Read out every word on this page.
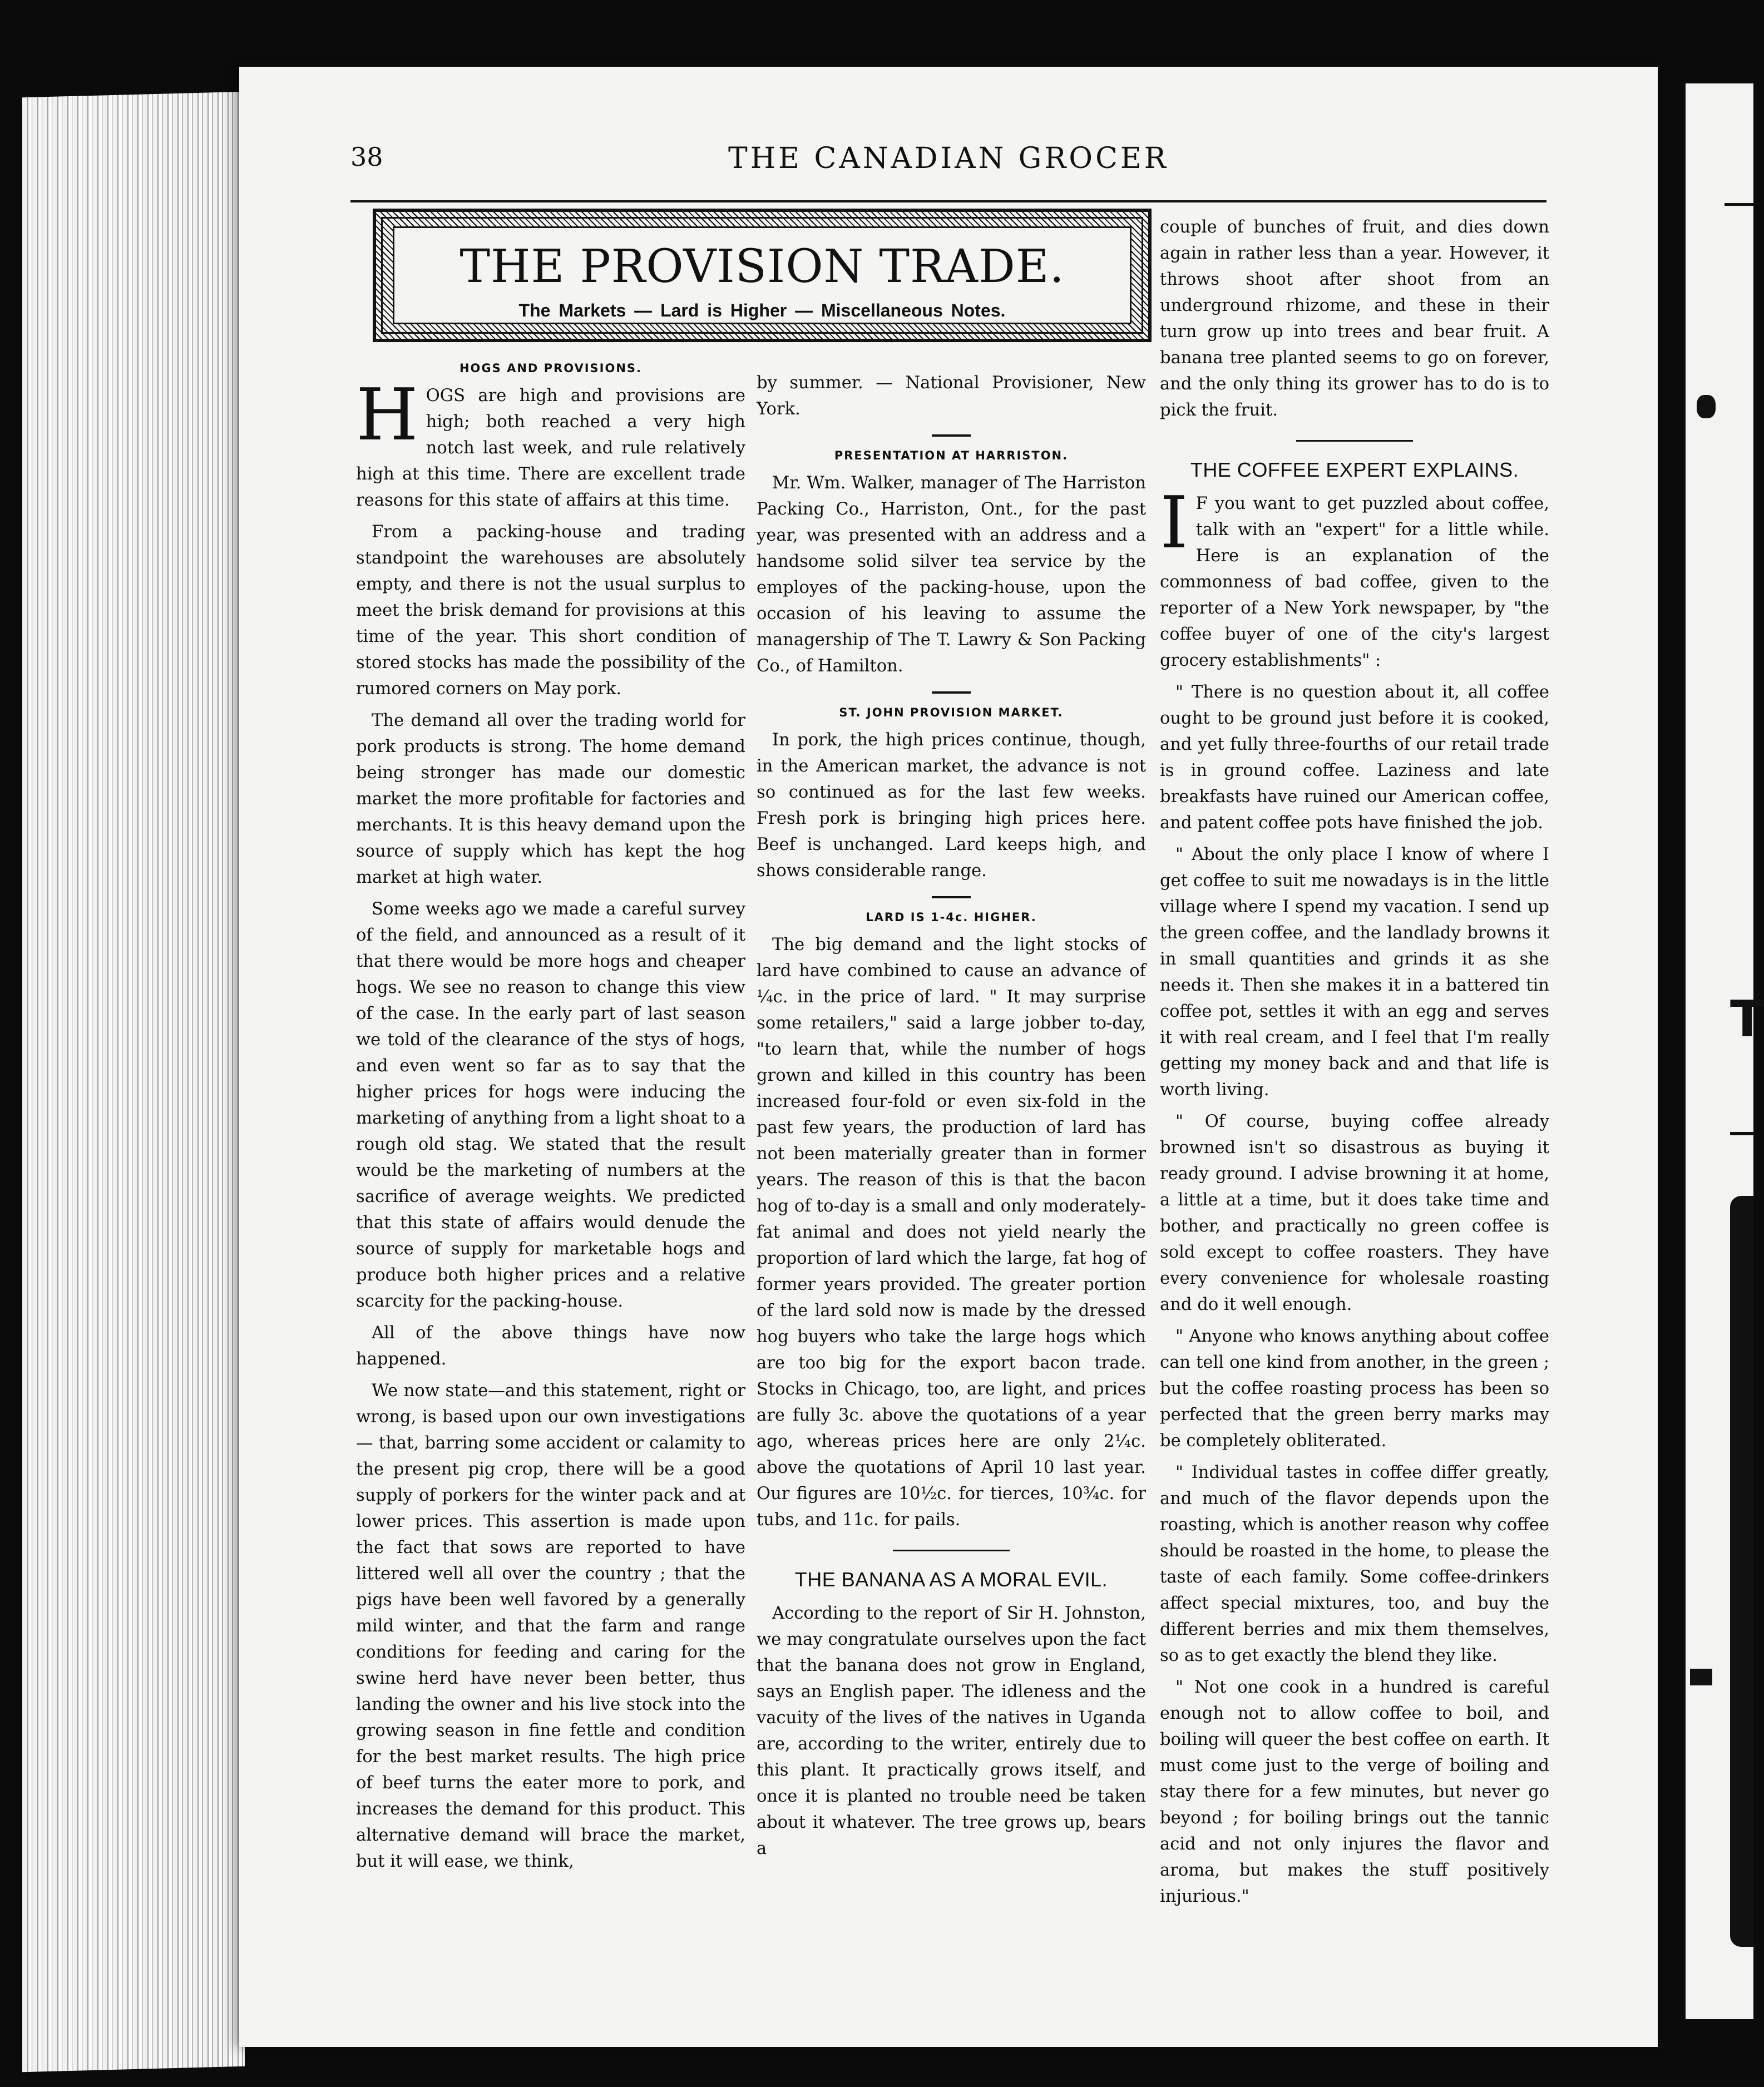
38	THE CANADIAN GROCER
THE PROVISION TRADE.
The Markets — Lard is Higher — Miscellaneous Notes.
HOGS AND PROVISIONS.

HOGS are high and provisions are high; both reached a very high notch last week, and rule relatively high at this time. There are excellent trade reasons for this state of affairs at this time.

From a packing-house and trading standpoint the warehouses are absolutely empty, and there is not the usual surplus to meet the brisk demand for provisions at this time of the year. This short condition of stored stocks has made the possibility of the rumored corners on May pork.

The demand all over the trading world for pork products is strong. The home demand being stronger has made our domestic market the more profitable for factories and merchants. It is this heavy demand upon the source of supply which has kept the hog market at high water.

Some weeks ago we made a careful survey of the field, and announced as a result of it that there would be more hogs and cheaper hogs. We see no reason to change this view of the case. In the early part of last season we told of the clearance of the stys of hogs, and even went so far as to say that the higher prices for hogs were inducing the marketing of anything from a light shoat to a rough old stag. We stated that the result would be the marketing of numbers at the sacrifice of average weights. We predicted that this state of affairs would denude the source of supply for marketable hogs and produce both higher prices and a relative scarcity for the packing-house.

All of the above things have now happened.

We now state—and this statement, right or wrong, is based upon our own investigations — that, barring some accident or calamity to the present pig crop, there will be a good supply of porkers for the winter pack and at lower prices. This assertion is made upon the fact that sows are reported to have littered well all over the country ; that the pigs have been well favored by a generally mild winter, and that the farm and range conditions for feeding and caring for the swine herd have never been better, thus landing the owner and his live stock into the growing season in fine fettle and condition for the best market results. The high price of beef turns the eater more to pork, and increases the demand for this product. This alternative demand will brace the market, but it will ease, we think,

by summer. — National Provisioner, New York.

PRESENTATION AT HARRISTON.

Mr. Wm. Walker, manager of The Harriston Packing Co., Harriston, Ont., for the past year, was presented with an address and a handsome solid silver tea service by the employes of the packing-house, upon the occasion of his leaving to assume the managership of The T. Lawry & Son Packing Co., of Hamilton.

ST. JOHN PROVISION MARKET.

In pork, the high prices continue, though, in the American market, the advance is not so continued as for the last few weeks. Fresh pork is bringing high prices here. Beef is unchanged. Lard keeps high, and shows considerable range.

LARD IS 1-4c. HIGHER.

The big demand and the light stocks of lard have combined to cause an advance of ¼c. in the price of lard. " It may surprise some retailers," said a large jobber to-day, "to learn that, while the number of hogs grown and killed in this country has been increased four-fold or even six-fold in the past few years, the production of lard has not been materially greater than in former years. The reason of this is that the bacon hog of to-day is a small and only moderately-fat animal and does not yield nearly the proportion of lard which the large, fat hog of former years provided. The greater portion of the lard sold now is made by the dressed hog buyers who take the large hogs which are too big for the export bacon trade. Stocks in Chicago, too, are light, and prices are fully 3c. above the quotations of a year ago, whereas prices here are only 2¼c. above the quotations of April 10 last year. Our figures are 10½c. for tierces, 10¾c. for tubs, and 11c. for pails.

THE BANANA AS A MORAL EVIL.

According to the report of Sir H. Johnston, we may congratulate ourselves upon the fact that the banana does not grow in England, says an English paper. The idleness and the vacuity of the lives of the natives in Uganda are, according to the writer, entirely due to this plant. It practically grows itself, and once it is planted no trouble need be taken about it whatever. The tree grows up, bears a

couple of bunches of fruit, and dies down again in rather less than a year. However, it throws shoot after shoot from an underground rhizome, and these in their turn grow up into trees and bear fruit. A banana tree planted seems to go on forever, and the only thing its grower has to do is to pick the fruit.

THE COFFEE EXPERT EXPLAINS.

I F you want to get puzzled about coffee, talk with an "expert" for a little while. Here is an explanation of the commonness of bad coffee, given to the reporter of a New York newspaper, by "the coffee buyer of one of the city's largest grocery establishments" :

" There is no question about it, all coffee ought to be ground just before it is cooked, and yet fully three-fourths of our retail trade is in ground coffee. Laziness and late breakfasts have ruined our American coffee, and patent coffee pots have finished the job.

" About the only place I know of where I get coffee to suit me nowadays is in the little village where I spend my vacation. I send up the green coffee, and the landlady browns it in small quantities and grinds it as she needs it. Then she makes it in a battered tin coffee pot, settles it with an egg and serves it with real cream, and I feel that I'm really getting my money back and and that life is worth living.

" Of course, buying coffee already browned isn't so disastrous as buying it ready ground. I advise browning it at home, a little at a time, but it does take time and bother, and practically no green coffee is sold except to coffee roasters. They have every convenience for wholesale roasting and do it well enough.

" Anyone who knows anything about coffee can tell one kind from another, in the green ; but the coffee roasting process has been so perfected that the green berry marks may be completely obliterated.

" Individual tastes in coffee differ greatly, and much of the flavor depends upon the roasting, which is another reason why coffee should be roasted in the home, to please the taste of each family. Some coffee-drinkers affect special mixtures, too, and buy the different berries and mix them themselves, so as to get exactly the blend they like.

" Not one cook in a hundred is careful enough not to allow coffee to boil, and boiling will queer the best coffee on earth. It must come just to the verge of boiling and stay there for a few minutes, but never go beyond ; for boiling brings out the tannic acid and not only injures the flavor and aroma, but makes the stuff positively injurious."

T
